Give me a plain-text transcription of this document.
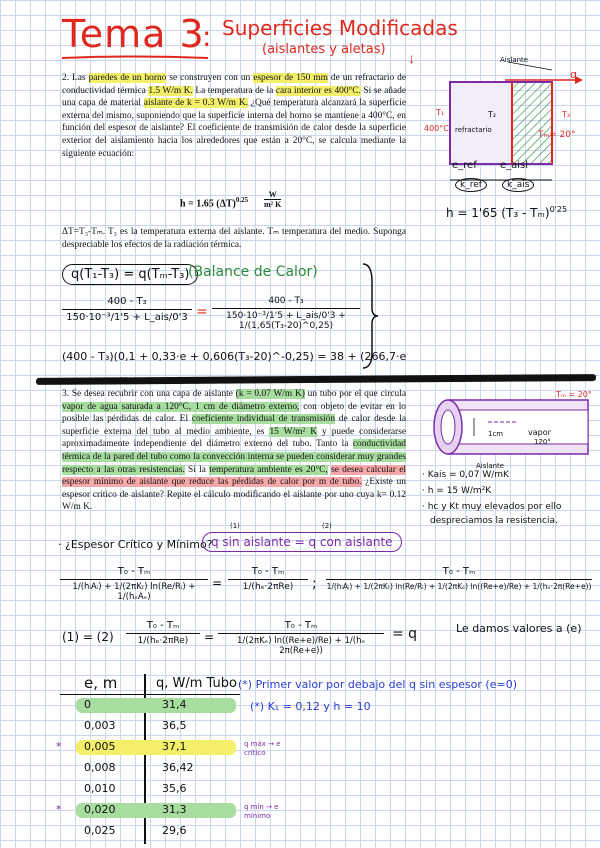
Tema 3
: Superficies Modificadas
(aislantes y aletas)
↓
2. Las paredes de un horno se construyen con un espesor de 150 mm de un refractario de conductividad térmica 1.5 W/m K. La temperatura de la cara interior es 400°C. Si se añade una capa de material aislante de k = 0.3 W/m K. ¿Qué temperatura alcanzará la superficie externa del mismo, suponiendo que la superficie interna del horno se mantiene a 400°C, en función del espesor de aislante? El coeficiente de transmisión de calor desde la superficie exterior del aislamiento hacia los alrededores que están a 20°C, se calcula mediante la siguiente ecuación:
h = 1.65 $(\Delta T)^{0.25}$
W
m² K
ΔT=T₃-Tₘ. T₃ es la temperatura externa del aislante. Tₘ temperatura del medio. Suponga despreciable los efectos de la radiación térmica.
Aislante
q
refractario
T₁	T₂	T₃
400°C
Tₘ= 20°
e_ref e_aisl
k_ref	k_ais
h = 1'65 (T₃ - Tₘ)$^{0'25}$
q(T₁-T₃) = q(Tₘ-T₃)
(Balance de Calor)
400 - T₃
150·10⁻³/1'5 + L_ais/0'3 =
400 - T₃
150·10⁻³/1'5 + L_ais/0'3 + 1/(1,65(T₃-20)^0,25)
(400 - T₃)(0,1 + 0,33·e + 0,606(T₃-20)^-0,25) = 38 + (266,7·e
3. Se desea recubrir con una capa de aislante (k = 0.07 W/m K) un tubo por el que circula vapor de agua saturada a 120°C, 1 cm de diámetro externo, con objeto de evitar en lo posible las pérdidas de calor. El coeficiente individual de transmisión de calor desde la superficie externa del tubo al medio ambiente, es 15 W/m² K y puede considerarse aproximadamente independiente del diámetro externo del tubo. Tanto la conductividad térmica de la pared del tubo como la convección interna se pueden considerar muy grandes respecto a las otras resistencias. Si la temperatura ambiente es 20°C, se desea calcular el espesor mínimo de aislante que reduce las pérdidas de calor por m de tubo. ¿Existe un espesor crítico de aislante? Repite el cálculo modificando el aislante por uno cuya k= 0.12 W/m K.
Tₘ = 20°
1cm	vapor
120°
Aislante
· Kais = 0,07 W/mK
· h = 15 W/m²K
· hc y Kt muy elevados por ello
despreciamos la resistencia.
· ¿Espesor Crítico y Mínimo?
q sin aislante = q con aislante
(1)	(2)
T₀ - Tₘ
1/(hᵢAᵢ) + 1/(2πKₜ) ln(Re/Rᵢ) + 1/(hₑAₑ)
=
T₀ - Tₘ
1/(hₑ·2πRe)	;
T₀ - Tₘ
1/(hᵢAᵢ) + 1/(2πKₜ) ln(Re/Rᵢ) + 1/(2πKₑ) ln((Re+e)/Re) + 1/(hₑ·2π(Re+e))
(1) = (2)
T₀ - Tₘ
1/(hₑ·2πRe)	=
T₀ - Tₘ
1/(2πKₑ) ln((Re+e)/Re) + 1/(hₑ 2π(Re+e))
= q	Le damos valores a (e)
e, m	q, W/m Tubo
0	31,4
0,003	36,5
* 0,005	37,1	q máx → e crítico
0,008	36,42
0,010	35,6
* 0,020	31,3	q mín → e mínimo
0,025	29,6
(*) Primer valor por debajo del q sin espesor (e=0)
(*) K₁ = 0,12 y h = 10
